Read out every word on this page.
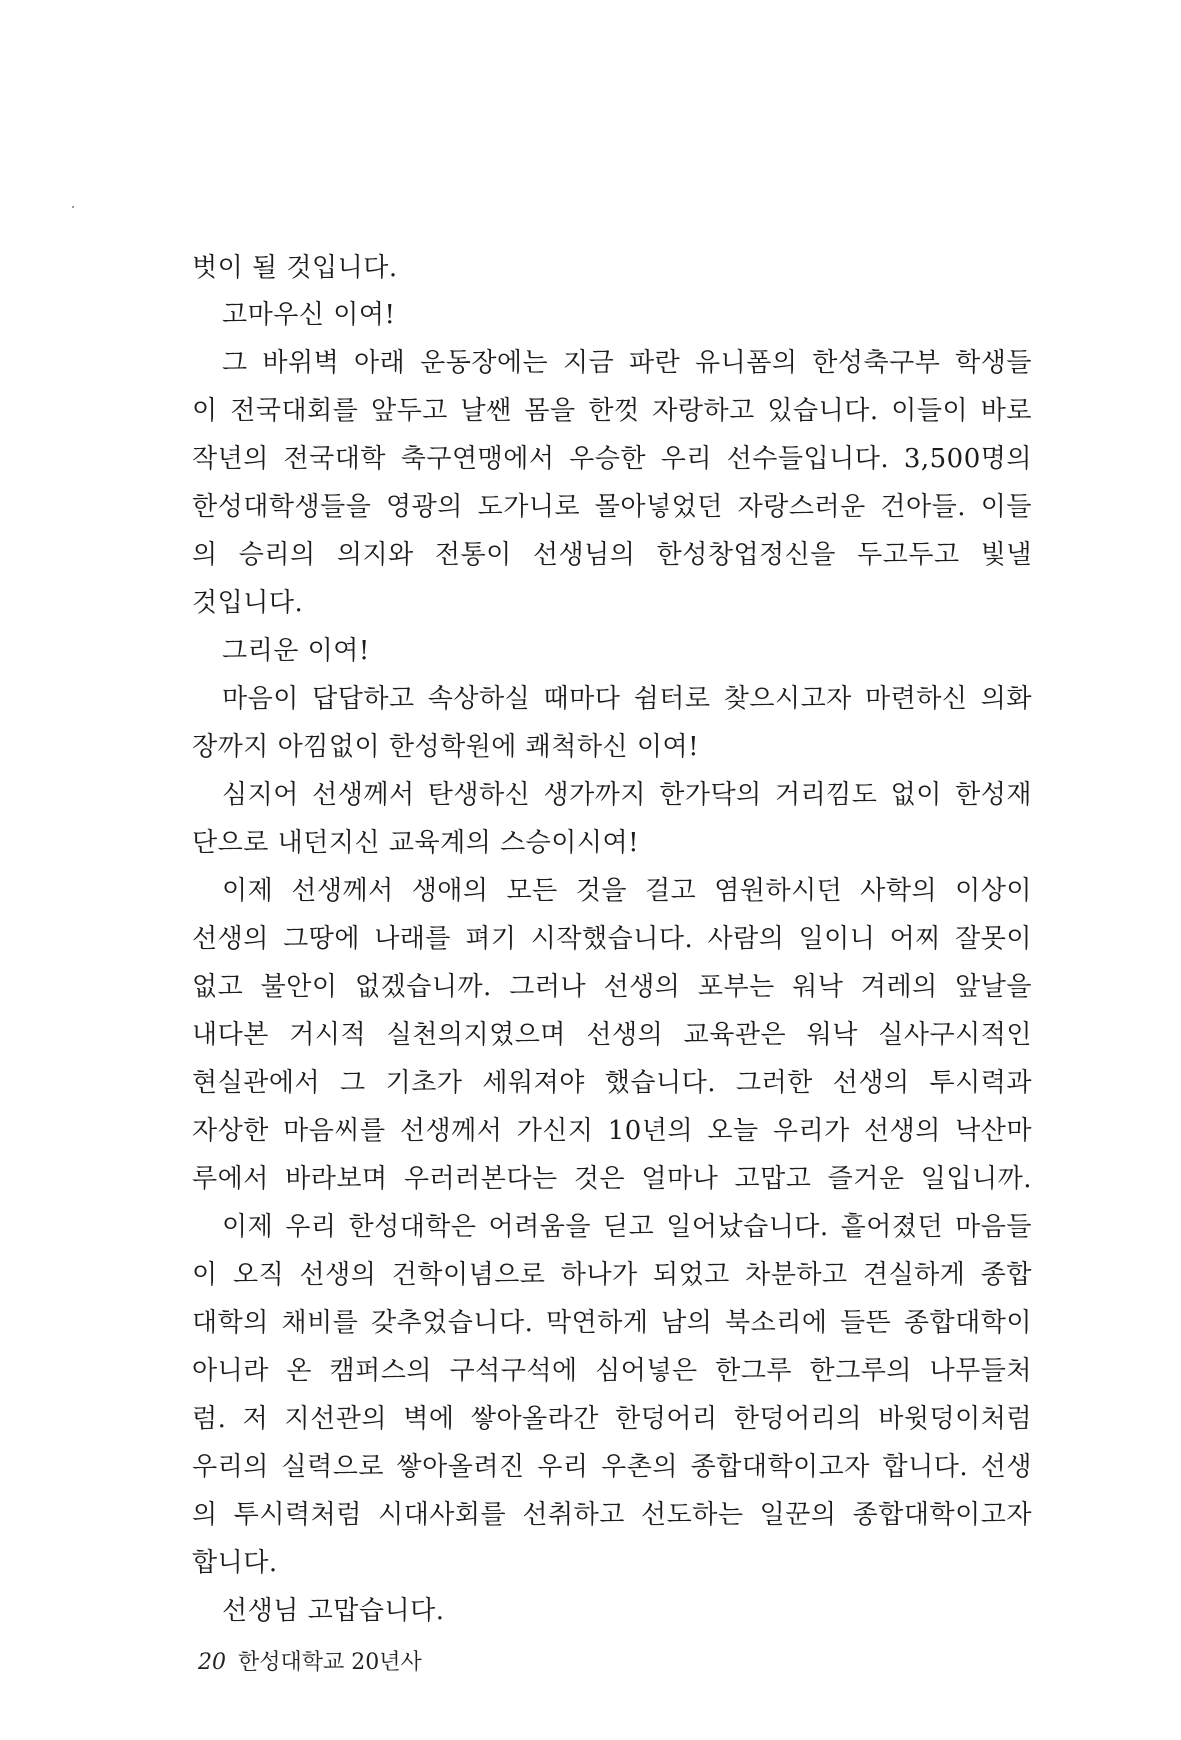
벗이 될 것입니다.
고마우신 이여!
그 바위벽 아래 운동장에는 지금 파란 유니폼의 한성축구부 학생들
이 전국대회를 앞두고 날쌘 몸을 한껏 자랑하고 있습니다. 이들이 바로
작년의 전국대학 축구연맹에서 우승한 우리 선수들입니다. 3,500명의
한성대학생들을 영광의 도가니로 몰아넣었던 자랑스러운 건아들. 이들
의 승리의 의지와 전통이 선생님의 한성창업정신을 두고두고 빛낼
것입니다.
그리운 이여!
마음이 답답하고 속상하실 때마다 쉼터로 찾으시고자 마련하신 의화
장까지 아낌없이 한성학원에 쾌척하신 이여!
심지어 선생께서 탄생하신 생가까지 한가닥의 거리낌도 없이 한성재
단으로 내던지신 교육계의 스승이시여!
이제 선생께서 생애의 모든 것을 걸고 염원하시던 사학의 이상이
선생의 그땅에 나래를 펴기 시작했습니다. 사람의 일이니 어찌 잘못이
없고 불안이 없겠습니까. 그러나 선생의 포부는 워낙 겨레의 앞날을
내다본 거시적 실천의지였으며 선생의 교육관은 워낙 실사구시적인
현실관에서 그 기초가 세워져야 했습니다. 그러한 선생의 투시력과
자상한 마음씨를 선생께서 가신지 10년의 오늘 우리가 선생의 낙산마
루에서 바라보며 우러러본다는 것은 얼마나 고맙고 즐거운 일입니까.
이제 우리 한성대학은 어려움을 딛고 일어났습니다. 흩어졌던 마음들
이 오직 선생의 건학이념으로 하나가 되었고 차분하고 견실하게 종합
대학의 채비를 갖추었습니다. 막연하게 남의 북소리에 들뜬 종합대학이
아니라 온 캠퍼스의 구석구석에 심어넣은 한그루 한그루의 나무들처
럼. 저 지선관의 벽에 쌓아올라간 한덩어리 한덩어리의 바윗덩이처럼
우리의 실력으로 쌓아올려진 우리 우촌의 종합대학이고자 합니다. 선생
의 투시력처럼 시대사회를 선취하고 선도하는 일꾼의 종합대학이고자
합니다.
선생님 고맙습니다.
20 한성대학교 20년사
